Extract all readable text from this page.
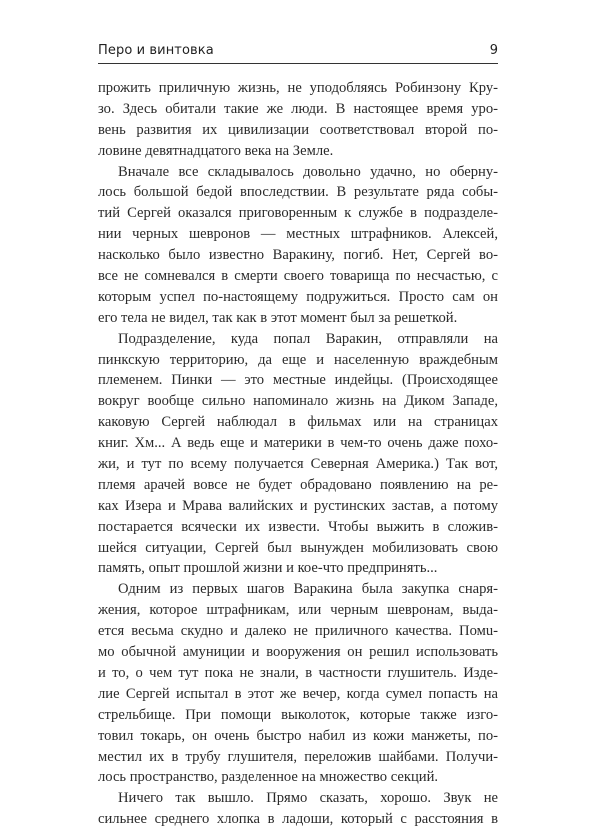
Перо и винтовка	9
прожить приличную жизнь, не уподобляясь Робинзону Кру-
зо. Здесь обитали такие же люди. В настоящее время уро-
вень развития их цивилизации соответствовал второй по-
ловине девятнадцатого века на Земле.
Вначале все складывалось довольно удачно, но обернy-
лось большой бедой впоследствии. В результате ряда собы-
тий Сергей оказался приговоренным к службе в подразделе-
нии черных шевронов — местных штрафников. Алексей,
насколько было известно Варакину, погиб. Нет, Сергей во-
все не сомневался в смерти своего товарища по несчастью, с
которым успел по-настоящему подружиться. Просто сам он
его тела не видел, так как в этот момент был за решеткой.
Подразделение, куда попал Варакин, отправляли на
пинкскую территорию, да еще и населенную враждебным
племенем. Пинки — это местные индейцы. (Происходящее
вокруг вообще сильно напоминало жизнь на Диком Западе,
каковую Сергей наблюдал в фильмах или на страницах
книг. Хм... А ведь еще и материки в чем-то очень даже похо-
жи, и тут по всему получается Северная Америка.) Так вот,
племя арачей вовсе не будет обрадовано появлению на ре-
ках Изера и Мрава валийских и рустинских застав, а потому
постарается всячески их извести. Чтобы выжить в сложив-
шейся ситуации, Сергей был вынужден мобилизовать свою
память, опыт прошлой жизни и кое-что предпринять...
Одним из первых шагов Варакина была закупка снаря-
жения, которое штрафникам, или черным шевронам, выда-
ется весьма скудно и далеко не приличного качества. Помu-
мо обычной амуниции и вооружения он решил использовать
и то, о чем тут пока не знали, в частности глушитель. Изде-
лие Сергей испытал в этот же вечер, когда сумел попасть на
стрельбище. При помощи выколоток, которые также изго-
товил токарь, он очень быстро набил из кожи манжеты, по-
местил их в трубу глушителя, переложив шайбами. Получи-
лось пространство, разделенное на множество секций.
Ничего так вышло. Прямо сказать, хорошо. Звук не
сильнее среднего хлопка в ладоши, который с расстояния в
